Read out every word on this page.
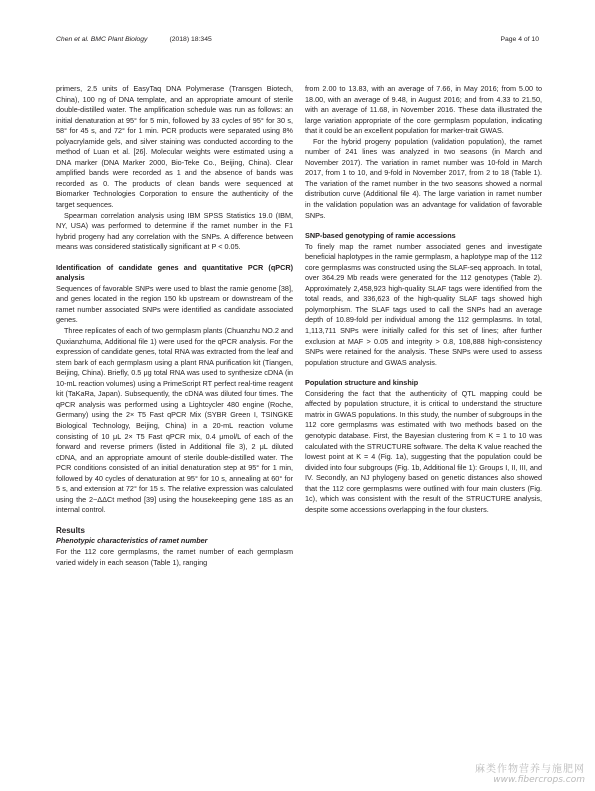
Chen et al. BMC Plant Biology	(2018) 18:345	Page 4 of 10

primers, 2.5 units of EasyTaq DNA Polymerase (Transgen Biotech, China), 100 ng of DNA template, and an appropriate amount of sterile double-distilled water. The amplification schedule was run as follows: an initial denaturation at 95° for 5 min, followed by 33 cycles of 95° for 30 s, 58° for 45 s, and 72° for 1 min. PCR products were separated using 8% polyacrylamide gels, and silver staining was conducted according to the method of Luan et al. [26]. Molecular weights were estimated using a DNA marker (DNA Marker 2000, Bio-Teke Co., Beijing, China). Clear amplified bands were recorded as 1 and the absence of bands was recorded as 0. The products of clean bands were sequenced at Biomarker Technologies Corporation to ensure the authenticity of the target sequences.

Spearman correlation analysis using IBM SPSS Statistics 19.0 (IBM, NY, USA) was performed to determine if the ramet number in the F1 hybrid progeny had any correlation with the SNPs. A difference between means was considered statistically significant at P < 0.05.

Identification of candidate genes and quantitative PCR (qPCR) analysis

Sequences of favorable SNPs were used to blast the ramie genome [38], and genes located in the region 150 kb upstream or downstream of the ramet number associated SNPs were identified as candidate associated genes.

Three replicates of each of two germplasm plants (Chuanzhu NO.2 and Quxianzhuma, Additional file 1) were used for the qPCR analysis. For the expression of candidate genes, total RNA was extracted from the leaf and stem bark of each germplasm using a plant RNA purification kit (Tiangen, Beijing, China). Briefly, 0.5 μg total RNA was used to synthesize cDNA (in 10-mL reaction volumes) using a PrimeScript RT perfect real-time reagent kit (TaKaRa, Japan). Subsequently, the cDNA was diluted four times. The qPCR analysis was performed using a Lightcycler 480 engine (Roche, Germany) using the 2× T5 Fast qPCR Mix (SYBR Green I, TSINGKE Biological Technology, Beijing, China) in a 20-mL reaction volume consisting of 10 μL 2× T5 Fast qPCR mix, 0.4 μmol/L of each of the forward and reverse primers (listed in Additional file 3), 2 μL diluted cDNA, and an appropriate amount of sterile double-distilled water. The PCR conditions consisted of an initial denaturation step at 95° for 1 min, followed by 40 cycles of denaturation at 95° for 10 s, annealing at 60° for 5 s, and extension at 72° for 15 s. The relative expression was calculated using the 2−ΔΔCt method [39] using the housekeeping gene 18S as an internal control.

Results
Phenotypic characteristics of ramet number

For the 112 core germplasms, the ramet number of each germplasm varied widely in each season (Table 1), ranging

from 2.00 to 13.83, with an average of 7.66, in May 2016; from 5.00 to 18.00, with an average of 9.48, in August 2016; and from 4.33 to 21.50, with an average of 11.68, in November 2016. These data illustrated the large variation appropriate of the core germplasm population, indicating that it could be an excellent population for marker-trait GWAS.

For the hybrid progeny population (validation population), the ramet number of 241 lines was analyzed in two seasons (in March and November 2017). The variation in ramet number was 10-fold in March 2017, from 1 to 10, and 9-fold in November 2017, from 2 to 18 (Table 1). The variation of the ramet number in the two seasons showed a normal distribution curve (Additional file 4). The large variation in ramet number in the validation population was an advantage for validation of favorable SNPs.

SNP-based genotyping of ramie accessions

To finely map the ramet number associated genes and investigate beneficial haplotypes in the ramie germplasm, a haplotype map of the 112 core germplasms was constructed using the SLAF-seq approach. In total, over 364.29 Mb reads were generated for the 112 genotypes (Table 2). Approximately 2,458,923 high-quality SLAF tags were identified from the total reads, and 336,623 of the high-quality SLAF tags showed high polymorphism. The SLAF tags used to call the SNPs had an average depth of 10.89-fold per individual among the 112 germplasms. In total, 1,113,711 SNPs were initially called for this set of lines; after further exclusion at MAF > 0.05 and integrity > 0.8, 108,888 high-consistency SNPs were retained for the analysis. These SNPs were used to assess population structure and GWAS analysis.

Population structure and kinship

Considering the fact that the authenticity of QTL mapping could be affected by population structure, it is critical to understand the structure matrix in GWAS populations. In this study, the number of subgroups in the 112 core germplasms was estimated with two methods based on the genotypic database. First, the Bayesian clustering from K = 1 to 10 was calculated with the STRUCTURE software. The delta K value reached the lowest point at K = 4 (Fig. 1a), suggesting that the population could be divided into four subgroups (Fig. 1b, Additional file 1): Groups I, II, III, and IV. Secondly, an NJ phylogeny based on genetic distances also showed that the 112 core germplasms were outlined with four main clusters (Fig. 1c), which was consistent with the result of the STRUCTURE analysis, despite some accessions overlapping in the four clusters.

麻类作物营养与施肥网
www.fibercrops.com
